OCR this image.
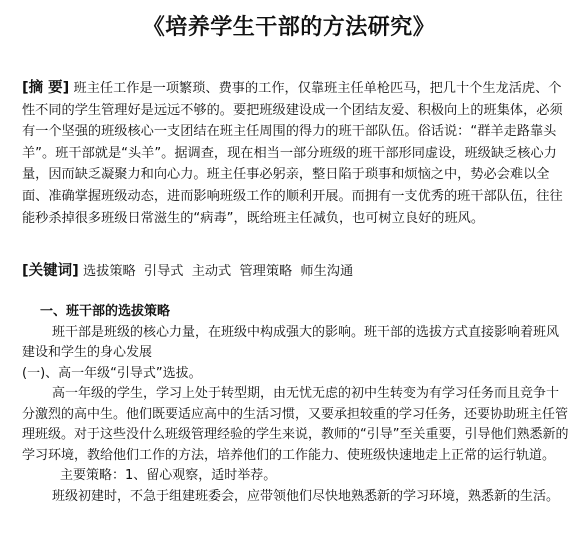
《培养学生干部的方法研究》
[摘 要] 班主任工作是一项繁琐、费事的工作，仅靠班主任单枪匹马，把几十个生龙活虎、个性不同的学生管理好是远远不够的。要把班级建设成一个团结友爱、积极向上的班集体，必须有一个坚强的班级核心一支团结在班主任周围的得力的班干部队伍。俗话说：“群羊走路靠头羊”。班干部就是“头羊”。据调查，现在相当一部分班级的班干部形同虚设，班级缺乏核心力量，因而缺乏凝聚力和向心力。班主任事必躬亲，整日陷于琐事和烦恼之中，势必会难以全面、准确掌握班级动态，进而影响班级工作的顺利开展。而拥有一支优秀的班干部队伍，往往能秒杀掉很多班级日常滋生的“病毒”，既给班主任减负，也可树立良好的班风。
[关键词] 选拔策略 引导式 主动式 管理策略 师生沟通
一、班干部的选拔策略

班干部是班级的核心力量，在班级中构成强大的影响。班干部的选拔方式直接影响着班风建设和学生的身心发展

(一)、高一年级“引导式”选拔。

高一年级的学生，学习上处于转型期，由无忧无虑的初中生转变为有学习任务而且竞争十分激烈的高中生。他们既要适应高中的生活习惯，又要承担较重的学习任务，还要协助班主任管理班级。对于这些没什么班级管理经验的学生来说，教师的“引导”至关重要，引导他们熟悉新的学习环境，教给他们工作的方法，培养他们的工作能力、使班级快速地走上正常的运行轨道。

主要策略：1、留心观察，适时举荐。

班级初建时，不急于组建班委会，应带领他们尽快地熟悉新的学习环境，熟悉新的生活。
